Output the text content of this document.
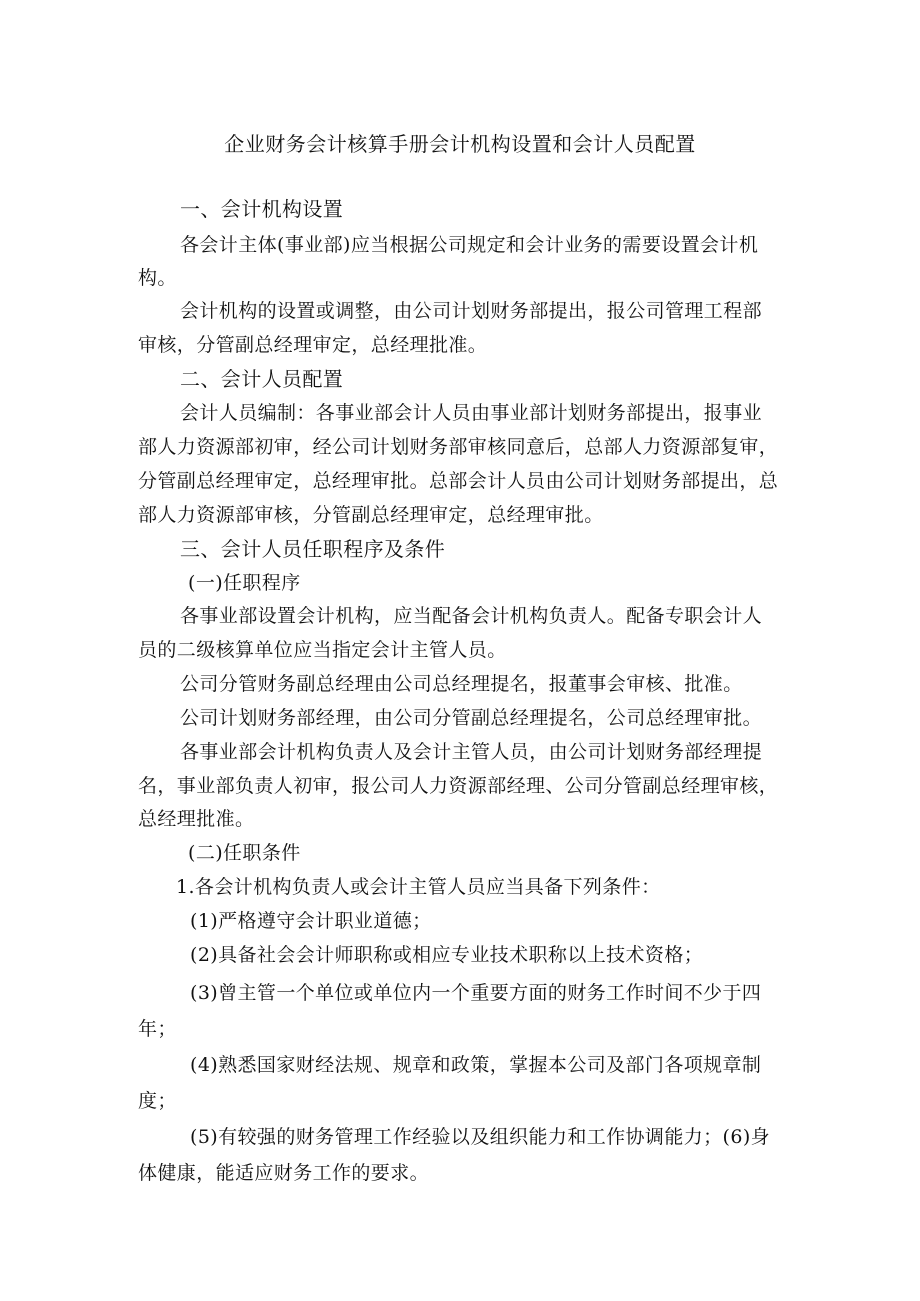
企业财务会计核算手册会计机构设置和会计人员配置
一、会计机构设置
各会计主体(事业部)应当根据公司规定和会计业务的需要设置会计机
构。
会计机构的设置或调整，由公司计划财务部提出，报公司管理工程部
审核，分管副总经理审定，总经理批准。
二、会计人员配置
会计人员编制：各事业部会计人员由事业部计划财务部提出，报事业
部人力资源部初审，经公司计划财务部审核同意后，总部人力资源部复审，
分管副总经理审定，总经理审批。总部会计人员由公司计划财务部提出，总
部人力资源部审核，分管副总经理审定，总经理审批。
三、会计人员任职程序及条件
(一)任职程序
各事业部设置会计机构，应当配备会计机构负责人。配备专职会计人
员的二级核算单位应当指定会计主管人员。
公司分管财务副总经理由公司总经理提名，报董事会审核、批准。
公司计划财务部经理，由公司分管副总经理提名，公司总经理审批。
各事业部会计机构负责人及会计主管人员，由公司计划财务部经理提
名，事业部负责人初审，报公司人力资源部经理、公司分管副总经理审核，
总经理批准。
(二)任职条件
1.各会计机构负责人或会计主管人员应当具备下列条件：
(1)严格遵守会计职业道德；
(2)具备社会会计师职称或相应专业技术职称以上技术资格；
(3)曾主管一个单位或单位内一个重要方面的财务工作时间不少于四
年；
(4)熟悉国家财经法规、规章和政策，掌握本公司及部门各项规章制
度；
(5)有较强的财务管理工作经验以及组织能力和工作协调能力；(6)身
体健康，能适应财务工作的要求。
